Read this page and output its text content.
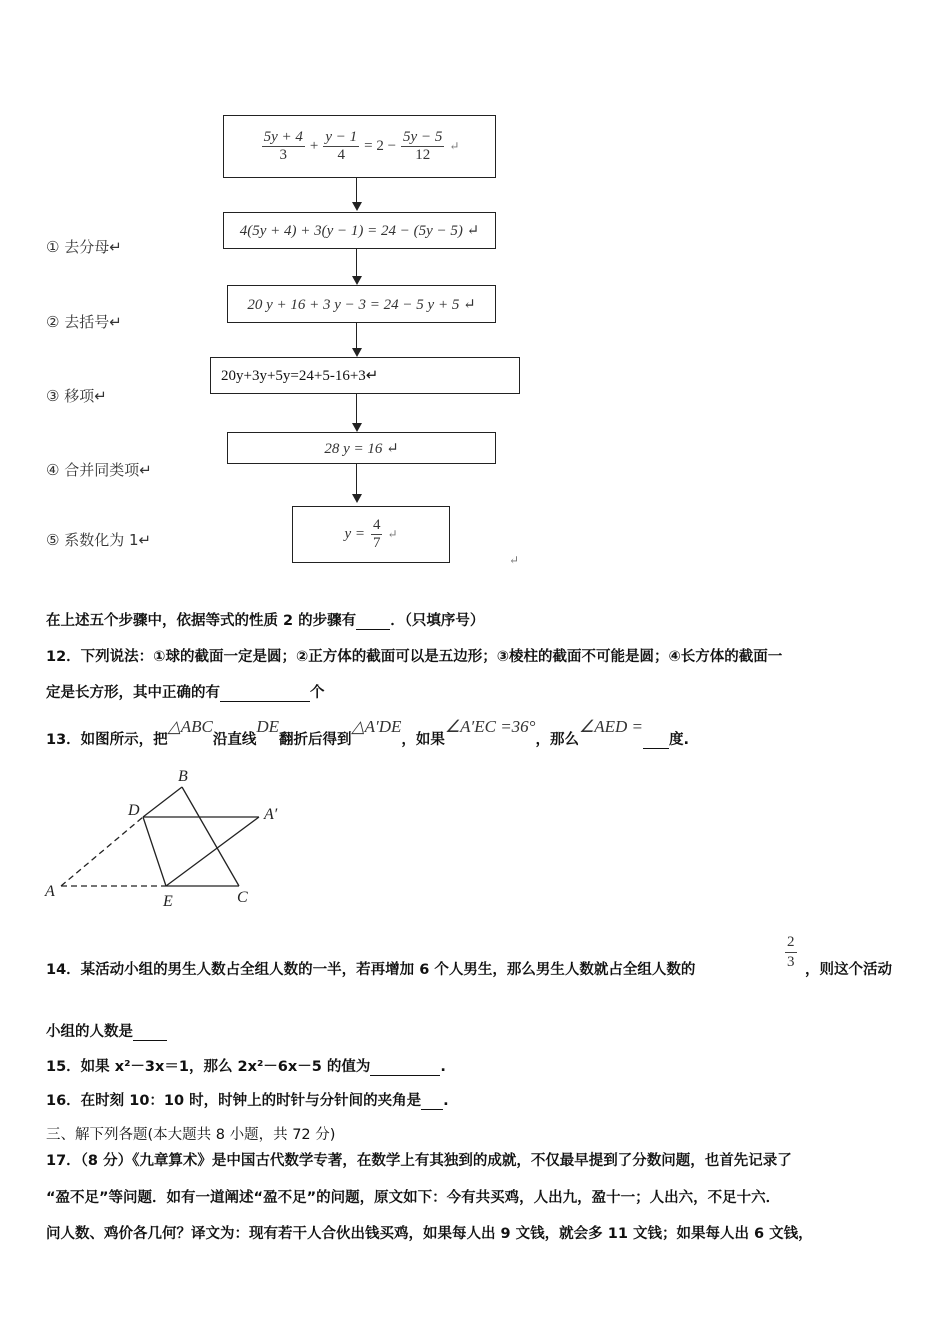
$\frac{5y + 4}{3} + \frac{y - 1}{4} = 2 - \frac{5y - 5}{12}$ ↵
4(5y + 4) + 3(y − 1) = 24 − (5y − 5) ↵
20 y + 16 + 3 y − 3 = 24 − 5 y + 5 ↵
20y+3y+5y=24+5-16+3↵
28 y = 16 ↵
$y = \frac{4}{7}$ ↵
↵
① 去分母↵
② 去括号↵
③ 移项↵
④ 合并同类项↵
⑤ 系数化为 1↵
在上述五个步骤中，依据等式的性质 2 的步骤有 ．（只填序号）
12．下列说法：①球的截面一定是圆；②正方体的截面可以是五边形；③棱柱的截面不可能是圆；④长方体的截面一
定是长方形，其中正确的有	个
13．如图所示，把△ABC沿直线DE翻折后得到△A′DE，如果∠A′EC =36°，那么∠AED = 度.
B
D	A′
A
E	C
14．某活动小组的男生人数占全组人数的一半，若再增加 6 个人男生，那么男生人数就占全组人数的	$\frac{2}{3}$ ，则这个活动
小组的人数是
15．如果 x²－3x＝1，那么 2x²－6x－5 的值为	.
16．在时刻 10：10 时，时钟上的时针与分针间的夹角是 .
三、解下列各题(本大题共 8 小题，共 72 分)
17．（8 分）《九章算术》是中国古代数学专著，在数学上有其独到的成就，不仅最早提到了分数问题，也首先记录了
“盈不足”等问题．如有一道阐述“盈不足”的问题，原文如下：今有共买鸡，人出九，盈十一；人出六，不足十六．
问人数、鸡价各几何？译文为：现有若干人合伙出钱买鸡，如果每人出 9 文钱，就会多 11 文钱；如果每人出 6 文钱，
